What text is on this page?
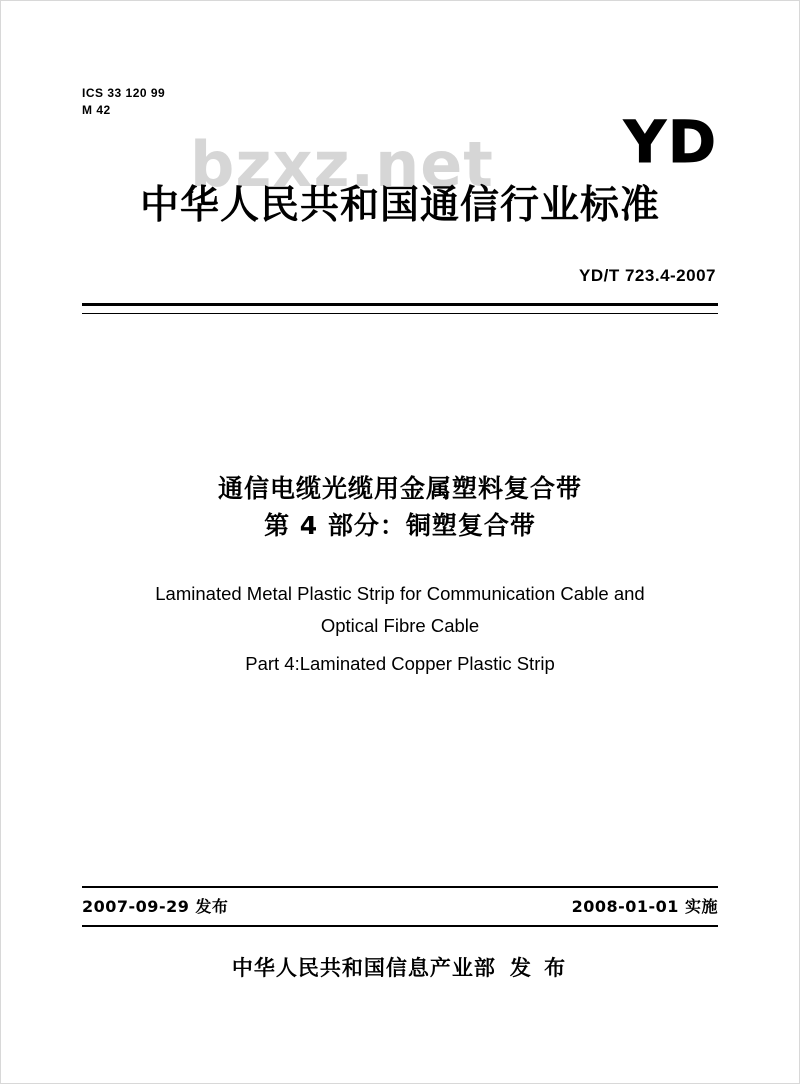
ICS 33 120 99
M 42	YD
bzxz.net
中华人民共和国通信行业标准
YD/T 723.4-2007
通信电缆光缆用金属塑料复合带
第 4 部分：铜塑复合带
Laminated Metal Plastic Strip for Communication Cable and
Optical Fibre Cable
Part 4:Laminated Copper Plastic Strip
2007-09-29 发布	2008-01-01 实施
中华人民共和国信息产业部 发 布
